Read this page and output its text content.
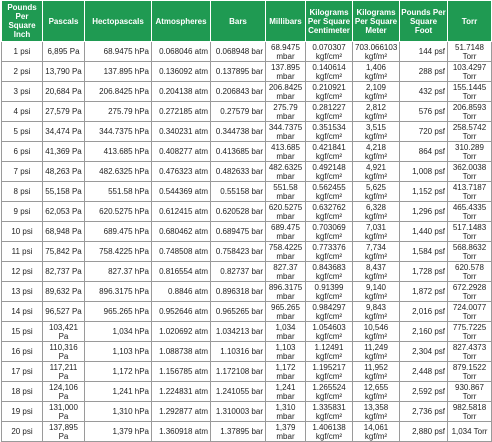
Pounds Per Square Inch	Pascals	Hectopascals	Atmospheres	Bars	Millibars	Kilograms Per Square Centimeter	Kilograms Per Square Meter	Pounds Per Square Foot	Torr
1 psi	6,895 Pa	68.9475 hPa	0.068046 atm	0.068948 bar	68.9475 mbar	0.070307 kgf/cm²	703.066103 kgf/m²	144 psf	51.7148 Torr
2 psi	13,790 Pa	137.895 hPa	0.136092 atm	0.137895 bar	137.895 mbar	0.140614 kgf/cm²	1,406 kgf/m²	288 psf	103.4297 Torr
3 psi	20,684 Pa	206.8425 hPa	0.204138 atm	0.206843 bar	206.8425 mbar	0.210921 kgf/cm²	2,109 kgf/m²	432 psf	155.1445 Torr
4 psi	27,579 Pa	275.79 hPa	0.272185 atm	0.27579 bar	275.79 mbar	0.281227 kgf/cm²	2,812 kgf/m²	576 psf	206.8593 Torr
5 psi	34,474 Pa	344.7375 hPa	0.340231 atm	0.344738 bar	344.7375 mbar	0.351534 kgf/cm²	3,515 kgf/m²	720 psf	258.5742 Torr
6 psi	41,369 Pa	413.685 hPa	0.408277 atm	0.413685 bar	413.685 mbar	0.421841 kgf/cm²	4,218 kgf/m²	864 psf	310.289 Torr
7 psi	48,263 Pa	482.6325 hPa	0.476323 atm	0.482633 bar	482.6325 mbar	0.492148 kgf/cm²	4,921 kgf/m²	1,008 psf	362.0038 Torr
8 psi	55,158 Pa	551.58 hPa	0.544369 atm	0.55158 bar	551.58 mbar	0.562455 kgf/cm²	5,625 kgf/m²	1,152 psf	413.7187 Torr
9 psi	62,053 Pa	620.5275 hPa	0.612415 atm	0.620528 bar	620.5275 mbar	0.632762 kgf/cm²	6,328 kgf/m²	1,296 psf	465.4335 Torr
10 psi	68,948 Pa	689.475 hPa	0.680462 atm	0.689475 bar	689.475 mbar	0.703069 kgf/cm²	7,031 kgf/m²	1,440 psf	517.1483 Torr
11 psi	75,842 Pa	758.4225 hPa	0.748508 atm	0.758423 bar	758.4225 mbar	0.773376 kgf/cm²	7,734 kgf/m²	1,584 psf	568.8632 Torr
12 psi	82,737 Pa	827.37 hPa	0.816554 atm	0.82737 bar	827.37 mbar	0.843683 kgf/cm²	8,437 kgf/m²	1,728 psf	620.578 Torr
13 psi	89,632 Pa	896.3175 hPa	0.8846 atm	0.896318 bar	896.3175 mbar	0.91399 kgf/cm²	9,140 kgf/m²	1,872 psf	672.2928 Torr
14 psi	96,527 Pa	965.265 hPa	0.952646 atm	0.965265 bar	965.265 mbar	0.984297 kgf/cm²	9,843 kgf/m²	2,016 psf	724.0077 Torr
15 psi	103,421 Pa	1,034 hPa	1.020692 atm	1.034213 bar	1,034 mbar	1.054603 kgf/cm²	10,546 kgf/m²	2,160 psf	775.7225 Torr
16 psi	110,316 Pa	1,103 hPa	1.088738 atm	1.10316 bar	1,103 mbar	1.12491 kgf/cm²	11,249 kgf/m²	2,304 psf	827.4373 Torr
17 psi	117,211 Pa	1,172 hPa	1.156785 atm	1.172108 bar	1,172 mbar	1.195217 kgf/cm²	11,952 kgf/m²	2,448 psf	879.1522 Torr
18 psi	124,106 Pa	1,241 hPa	1.224831 atm	1.241055 bar	1,241 mbar	1.265524 kgf/cm²	12,655 kgf/m²	2,592 psf	930.867 Torr
19 psi	131,000 Pa	1,310 hPa	1.292877 atm	1.310003 bar	1,310 mbar	1.335831 kgf/cm²	13,358 kgf/m²	2,736 psf	982.5818 Torr
20 psi	137,895 Pa	1,379 hPa	1.360918 atm	1.37895 bar	1,379 mbar	1.406138 kgf/cm²	14,061 kgf/m²	2,880 psf	1,034 Torr
